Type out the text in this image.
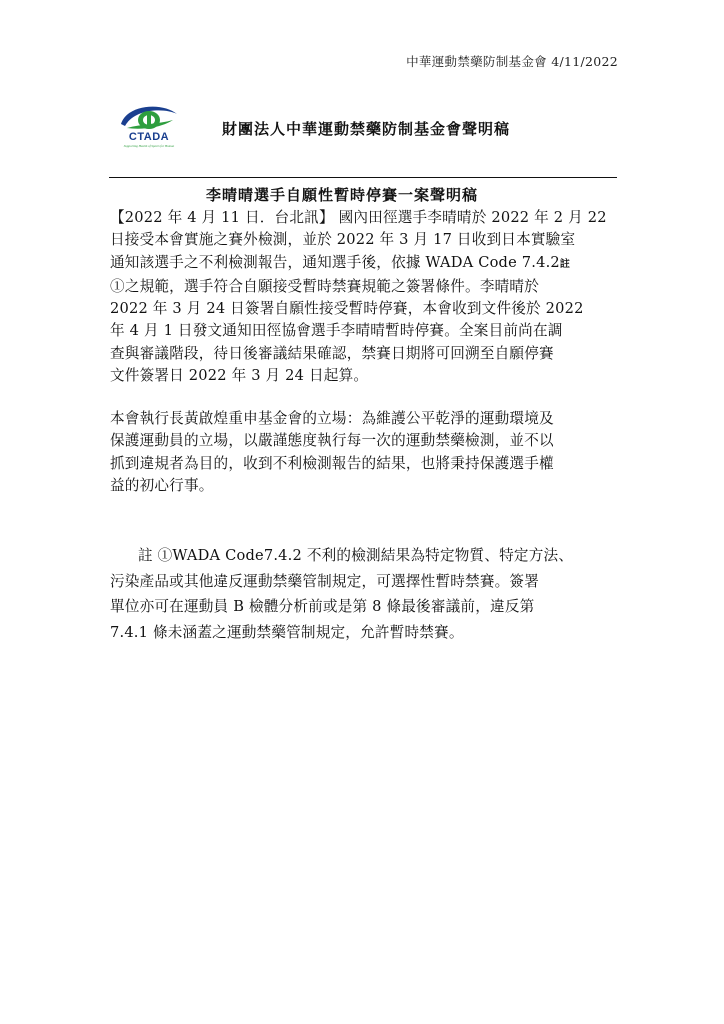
中華運動禁藥防制基金會 4/11/2022
CTADA
Supporting Health of Sports for Human
財團法人中華運動禁藥防制基金會聲明稿
李晴晴選手自願性暫時停賽一案聲明稿
【2022 年 4 月 11 日．台北訊】 國內田徑選手李晴晴於 2022 年 2 月 22
日接受本會實施之賽外檢測，並於 2022 年 3 月 17 日收到日本實驗室
通知該選手之不利檢測報告，通知選手後，依據 WADA Code 7.4.2註
①之規範，選手符合自願接受暫時禁賽規範之簽署條件。李晴晴於
2022 年 3 月 24 日簽署自願性接受暫時停賽，本會收到文件後於 2022
年 4 月 1 日發文通知田徑協會選手李晴晴暫時停賽。全案目前尚在調
查與審議階段，待日後審議結果確認，禁賽日期將可回溯至自願停賽
文件簽署日 2022 年 3 月 24 日起算。
本會執行長黃啟煌重申基金會的立場：為維護公平乾淨的運動環境及
保護運動員的立場，以嚴謹態度執行每一次的運動禁藥檢測，並不以
抓到違規者為目的，收到不利檢測報告的結果，也將秉持保護選手權
益的初心行事。
註 ①WADA Code7.4.2 不利的檢測結果為特定物質、特定方法、
污染產品或其他違反運動禁藥管制規定，可選擇性暫時禁賽。簽署
單位亦可在運動員 B 檢體分析前或是第 8 條最後審議前，違反第
7.4.1 條未涵蓋之運動禁藥管制規定，允許暫時禁賽。
